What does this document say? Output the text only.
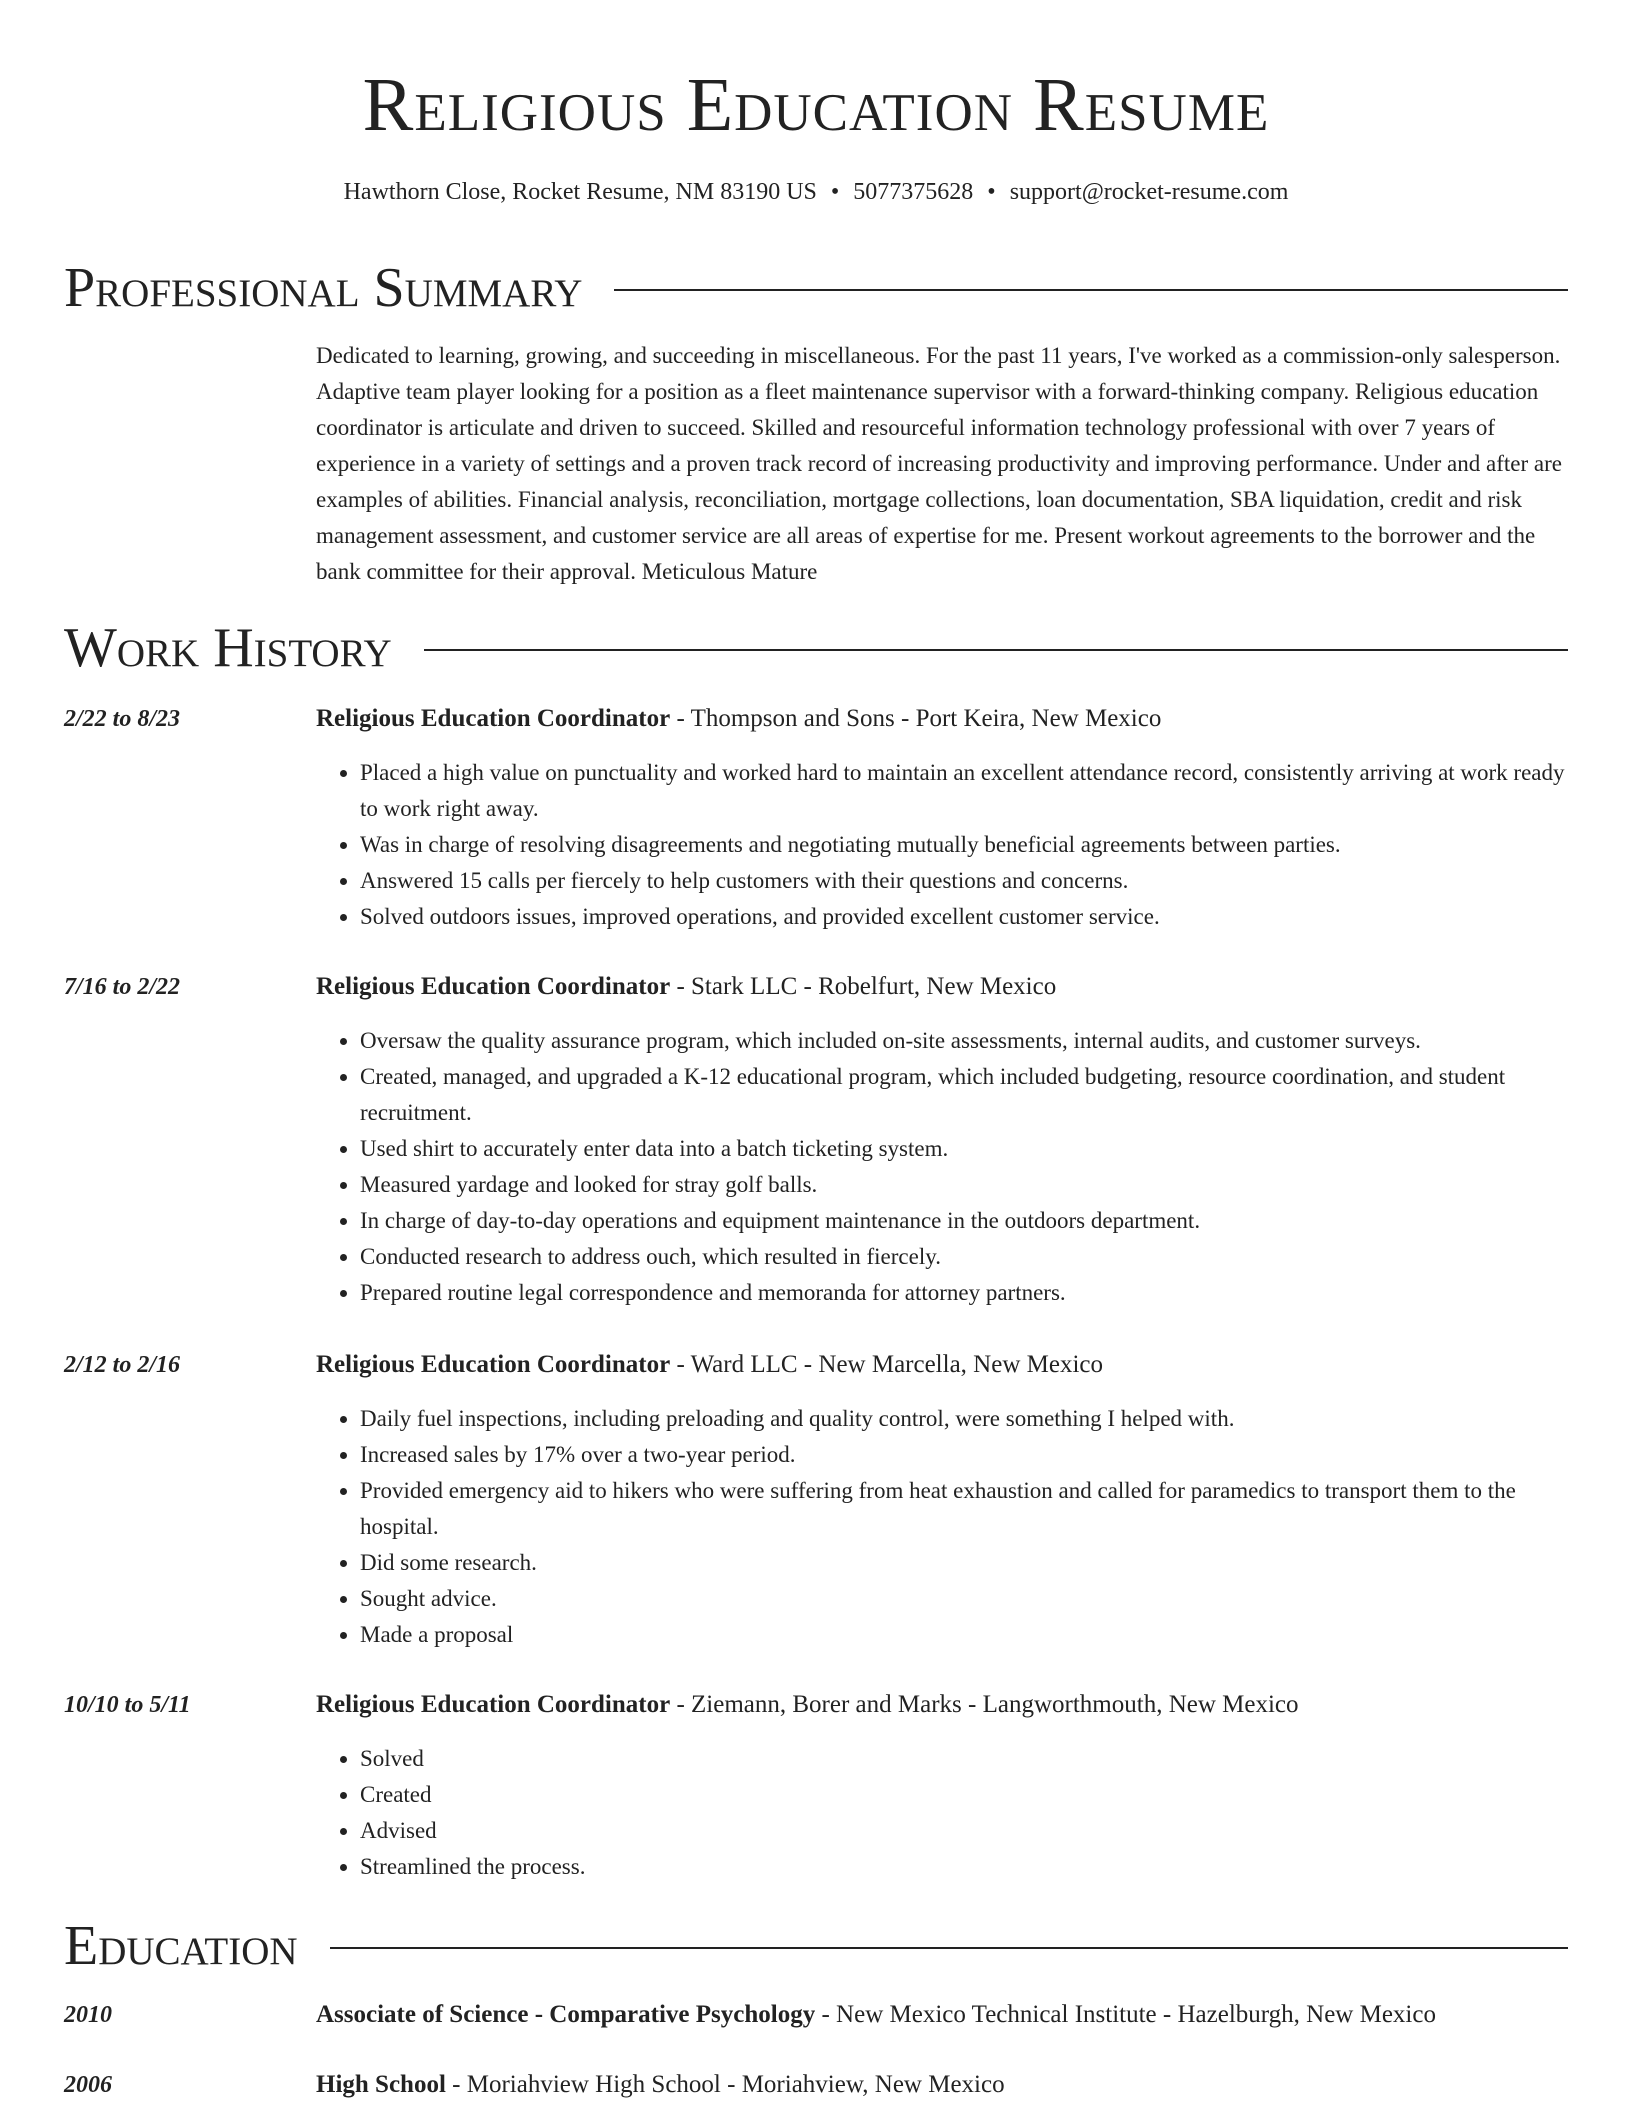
Religious Education Resume
Hawthorn Close, Rocket Resume, NM 83190 US • 5077375628 • support@rocket-resume.com
Professional Summary
Dedicated to learning, growing, and succeeding in miscellaneous. For the past 11 years, I've worked as a commission-only salesperson. Adaptive team player looking for a position as a fleet maintenance supervisor with a forward-thinking company. Religious education coordinator is articulate and driven to succeed. Skilled and resourceful information technology professional with over 7 years of experience in a variety of settings and a proven track record of increasing productivity and improving performance. Under and after are examples of abilities. Financial analysis, reconciliation, mortgage collections, loan documentation, SBA liquidation, credit and risk management assessment, and customer service are all areas of expertise for me. Present workout agreements to the borrower and the bank committee for their approval. Meticulous Mature
Work History
2/22 to 8/23	Religious Education Coordinator - Thompson and Sons - Port Keira, New Mexico
• Placed a high value on punctuality and worked hard to maintain an excellent attendance record, consistently arriving at work ready to work right away.
• Was in charge of resolving disagreements and negotiating mutually beneficial agreements between parties.
• Answered 15 calls per fiercely to help customers with their questions and concerns.
• Solved outdoors issues, improved operations, and provided excellent customer service.
7/16 to 2/22	Religious Education Coordinator - Stark LLC - Robelfurt, New Mexico
• Oversaw the quality assurance program, which included on-site assessments, internal audits, and customer surveys.
• Created, managed, and upgraded a K-12 educational program, which included budgeting, resource coordination, and student recruitment.
• Used shirt to accurately enter data into a batch ticketing system.
• Measured yardage and looked for stray golf balls.
• In charge of day-to-day operations and equipment maintenance in the outdoors department.
• Conducted research to address ouch, which resulted in fiercely.
• Prepared routine legal correspondence and memoranda for attorney partners.
2/12 to 2/16	Religious Education Coordinator - Ward LLC - New Marcella, New Mexico
• Daily fuel inspections, including preloading and quality control, were something I helped with.
• Increased sales by 17% over a two-year period.
• Provided emergency aid to hikers who were suffering from heat exhaustion and called for paramedics to transport them to the hospital.
• Did some research.
• Sought advice.
• Made a proposal
10/10 to 5/11	Religious Education Coordinator - Ziemann, Borer and Marks - Langworthmouth, New Mexico
• Solved
• Created
• Advised
• Streamlined the process.
Education
2010	Associate of Science - Comparative Psychology - New Mexico Technical Institute - Hazelburgh, New Mexico
2006	High School - Moriahview High School - Moriahview, New Mexico
